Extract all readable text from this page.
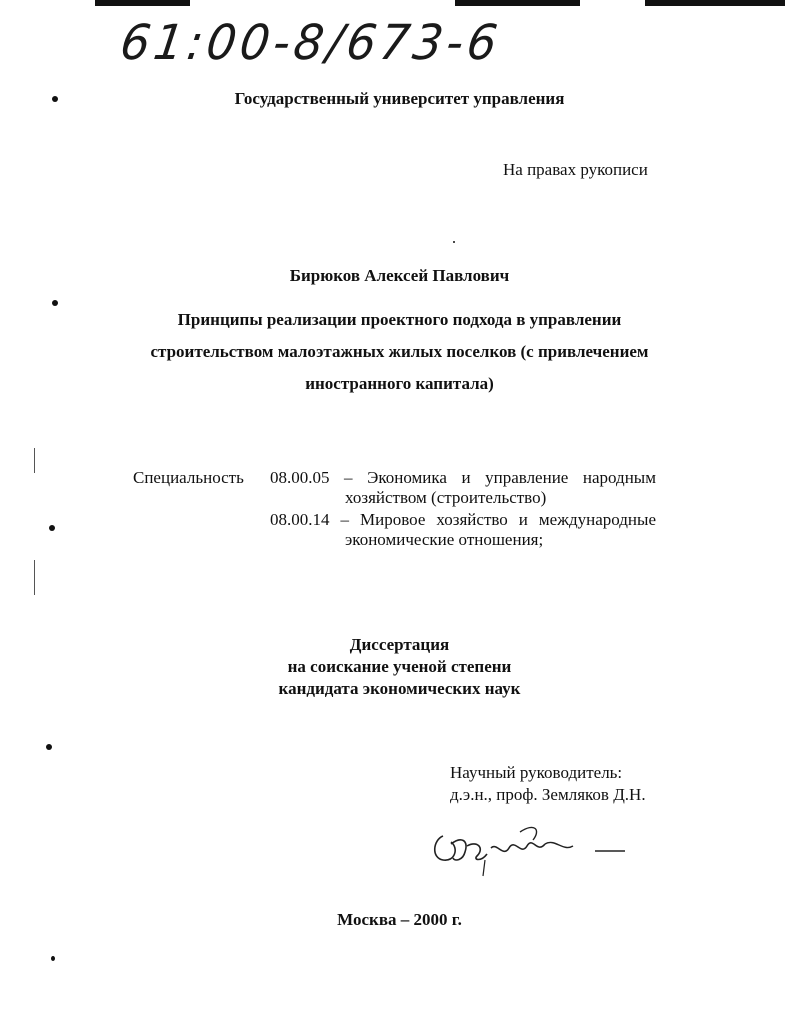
61:00-8/673-6
Государственный университет управления
На правах рукописи
Бирюков Алексей Павлович
Принципы реализации проектного подхода в управлении
строительством малоэтажных жилых поселков (с привлечением
иностранного капитала)
Специальность 08.00.05 – Экономика и управление народным
хозяйством (строительство)
08.00.14 – Мировое хозяйство и международные
экономические отношения;
Диссертация
на соискание ученой степени
кандидата экономических наук
Научный руководитель:
д.э.н., проф. Земляков Д.Н.
Москва – 2000 г.
